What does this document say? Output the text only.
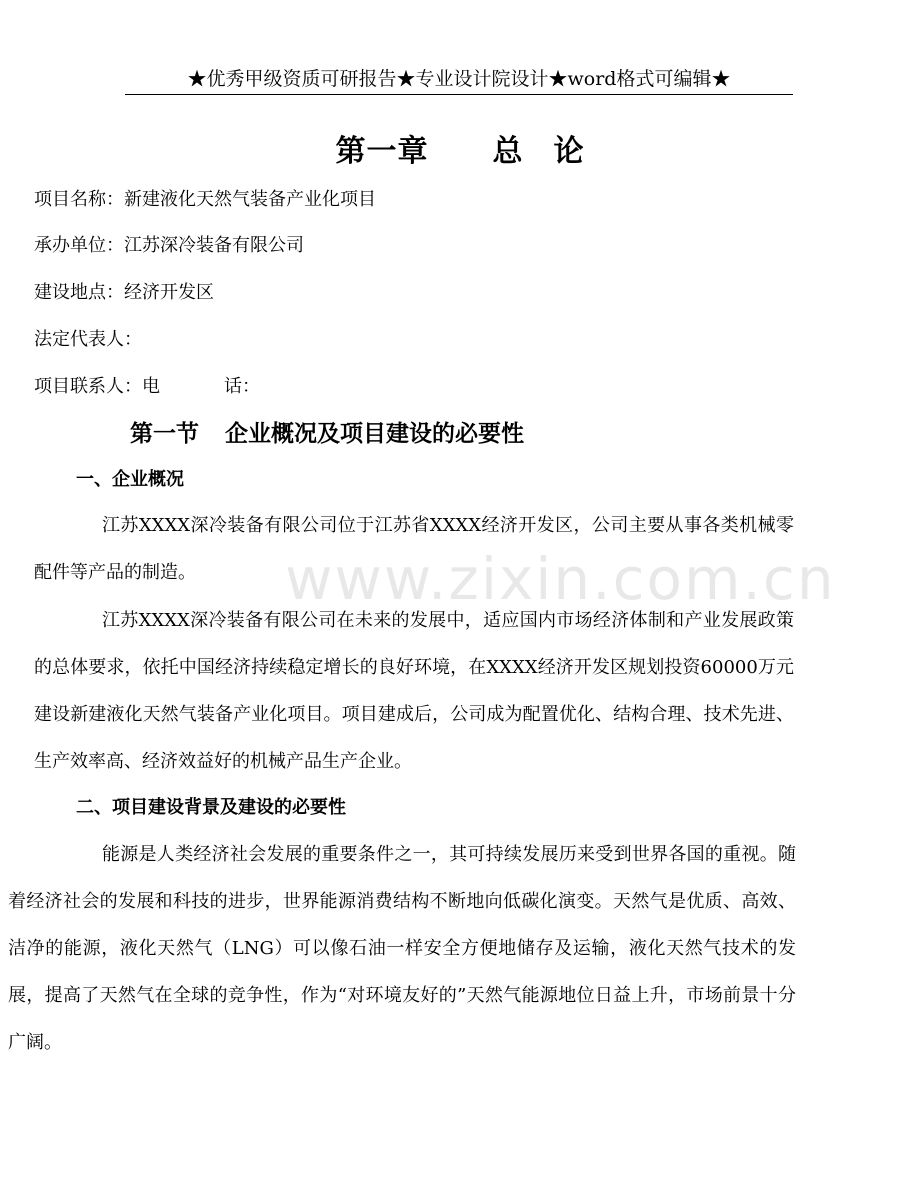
★优秀甲级资质可研报告★专业设计院设计★word格式可编辑★
第一章 总 论
项目名称：新建液化天然气装备产业化项目
承办单位：江苏深冷装备有限公司
建设地点：经济开发区
法定代表人：
项目联系人：电	话：
第一节 企业概况及项目建设的必要性
一、企业概况
江苏XXXX深冷装备有限公司位于江苏省XXXX经济开发区，公司主要从事各类机械零配件等产品的制造。
江苏XXXX深冷装备有限公司在未来的发展中，适应国内市场经济体制和产业发展政策的总体要求，依托中国经济持续稳定增长的良好环境，在XXXX经济开发区规划投资60000万元建设新建液化天然气装备产业化项目。项目建成后，公司成为配置优化、结构合理、技术先进、生产效率高、经济效益好的机械产品生产企业。
二、项目建设背景及建设的必要性
能源是人类经济社会发展的重要条件之一，其可持续发展历来受到世界各国的重视。随着经济社会的发展和科技的进步，世界能源消费结构不断地向低碳化演变。天然气是优质、高效、洁净的能源，液化天然气（LNG）可以像石油一样安全方便地储存及运输，液化天然气技术的发展，提高了天然气在全球的竞争性，作为“对环境友好的”天然气能源地位日益上升，市场前景十分广阔。
www.zixin.com.cn
